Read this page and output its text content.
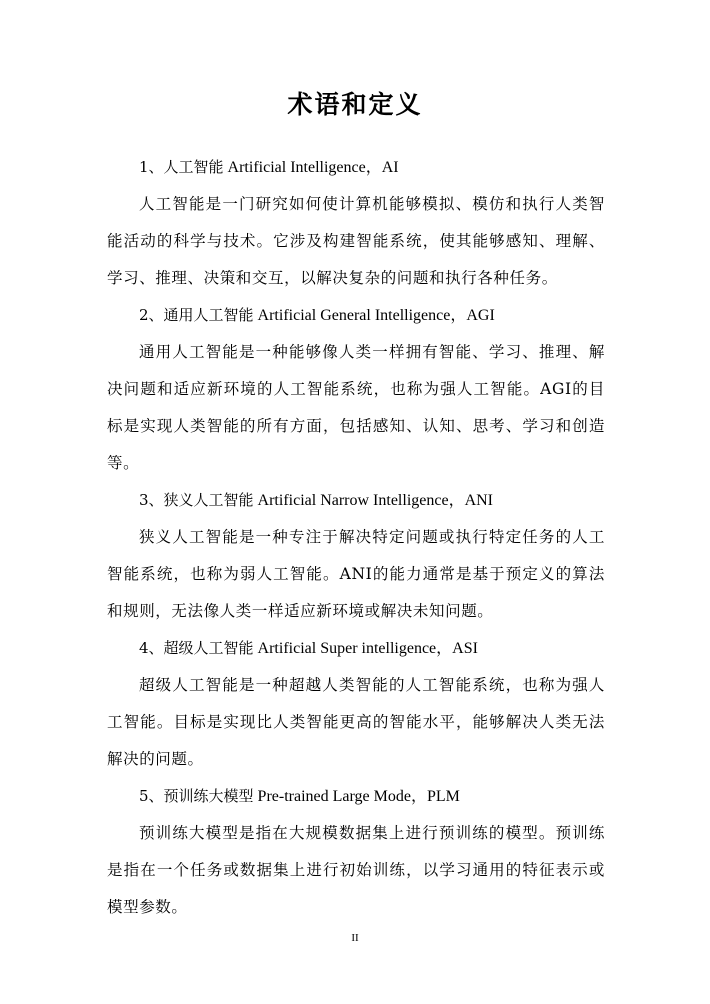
术语和定义

1、人工智能 Artificial Intelligence，AI

人工智能是一门研究如何使计算机能够模拟、模仿和执行人类智能活动的科学与技术。它涉及构建智能系统，使其能够感知、理解、学习、推理、决策和交互，以解决复杂的问题和执行各种任务。

2、通用人工智能 Artificial General Intelligence，AGI

通用人工智能是一种能够像人类一样拥有智能、学习、推理、解决问题和适应新环境的人工智能系统，也称为强人工智能。AGI的目标是实现人类智能的所有方面，包括感知、认知、思考、学习和创造等。

3、狭义人工智能 Artificial Narrow Intelligence，ANI

狭义人工智能是一种专注于解决特定问题或执行特定任务的人工智能系统，也称为弱人工智能。ANI的能力通常是基于预定义的算法和规则，无法像人类一样适应新环境或解决未知问题。

4、超级人工智能 Artificial Super intelligence，ASI

超级人工智能是一种超越人类智能的人工智能系统，也称为强人工智能。目标是实现比人类智能更高的智能水平，能够解决人类无法解决的问题。

5、预训练大模型 Pre-trained Large Mode，PLM

预训练大模型是指在大规模数据集上进行预训练的模型。预训练是指在一个任务或数据集上进行初始训练，以学习通用的特征表示或模型参数。

II
